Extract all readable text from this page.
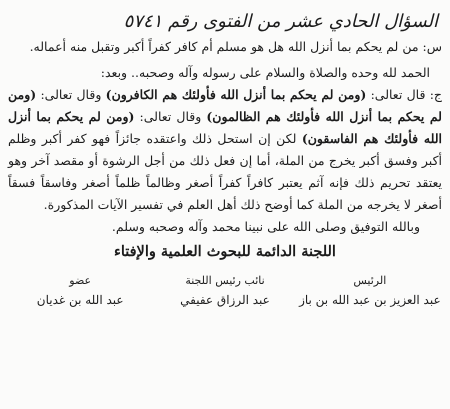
السؤال الحادي عشر من الفتوى رقم ٥٧٤١
س: من لم يحكم بما أنزل الله هل هو مسلم أم كافر كفراً أكبر وتقبل منه أعماله.

الحمد لله وحده والصلاة والسلام على رسوله وآله وصحبه.. وبعد:

ج: قال تعالى: (ومن لم يحكم بما أنزل الله فأولئك هم الكافرون) وقال تعالى: (ومن لم يحكم بما أنزل الله فأولئك هم الظالمون) وقال تعالى: (ومن لم يحكم بما أنزل الله فأولئك هم الفاسقون) لكن إن استحل ذلك واعتقده جائزاً فهو كفر أكبر وظلم أكبر وفسق أكبر يخرج من الملة، أما إن فعل ذلك من أجل الرشوة أو مقصد آخر وهو يعتقد تحريم ذلك فإنه آثم يعتبر كافراً كفراً أصغر وظالماً ظلماً أصغر وفاسقاً فسقاً أصغر لا يخرجه من الملة كما أوضح ذلك أهل العلم في تفسير الآيات المذكورة.

وبالله التوفيق وصلى الله على نبينا محمد وآله وصحبه وسلم.

اللجنة الدائمة للبحوث العلمية والإفتاء
الرئيس
عبد العزيز بن عبد الله بن باز
نائب رئيس اللجنة
عبد الرزاق عفيفي
عضو
عبد الله بن غديان
